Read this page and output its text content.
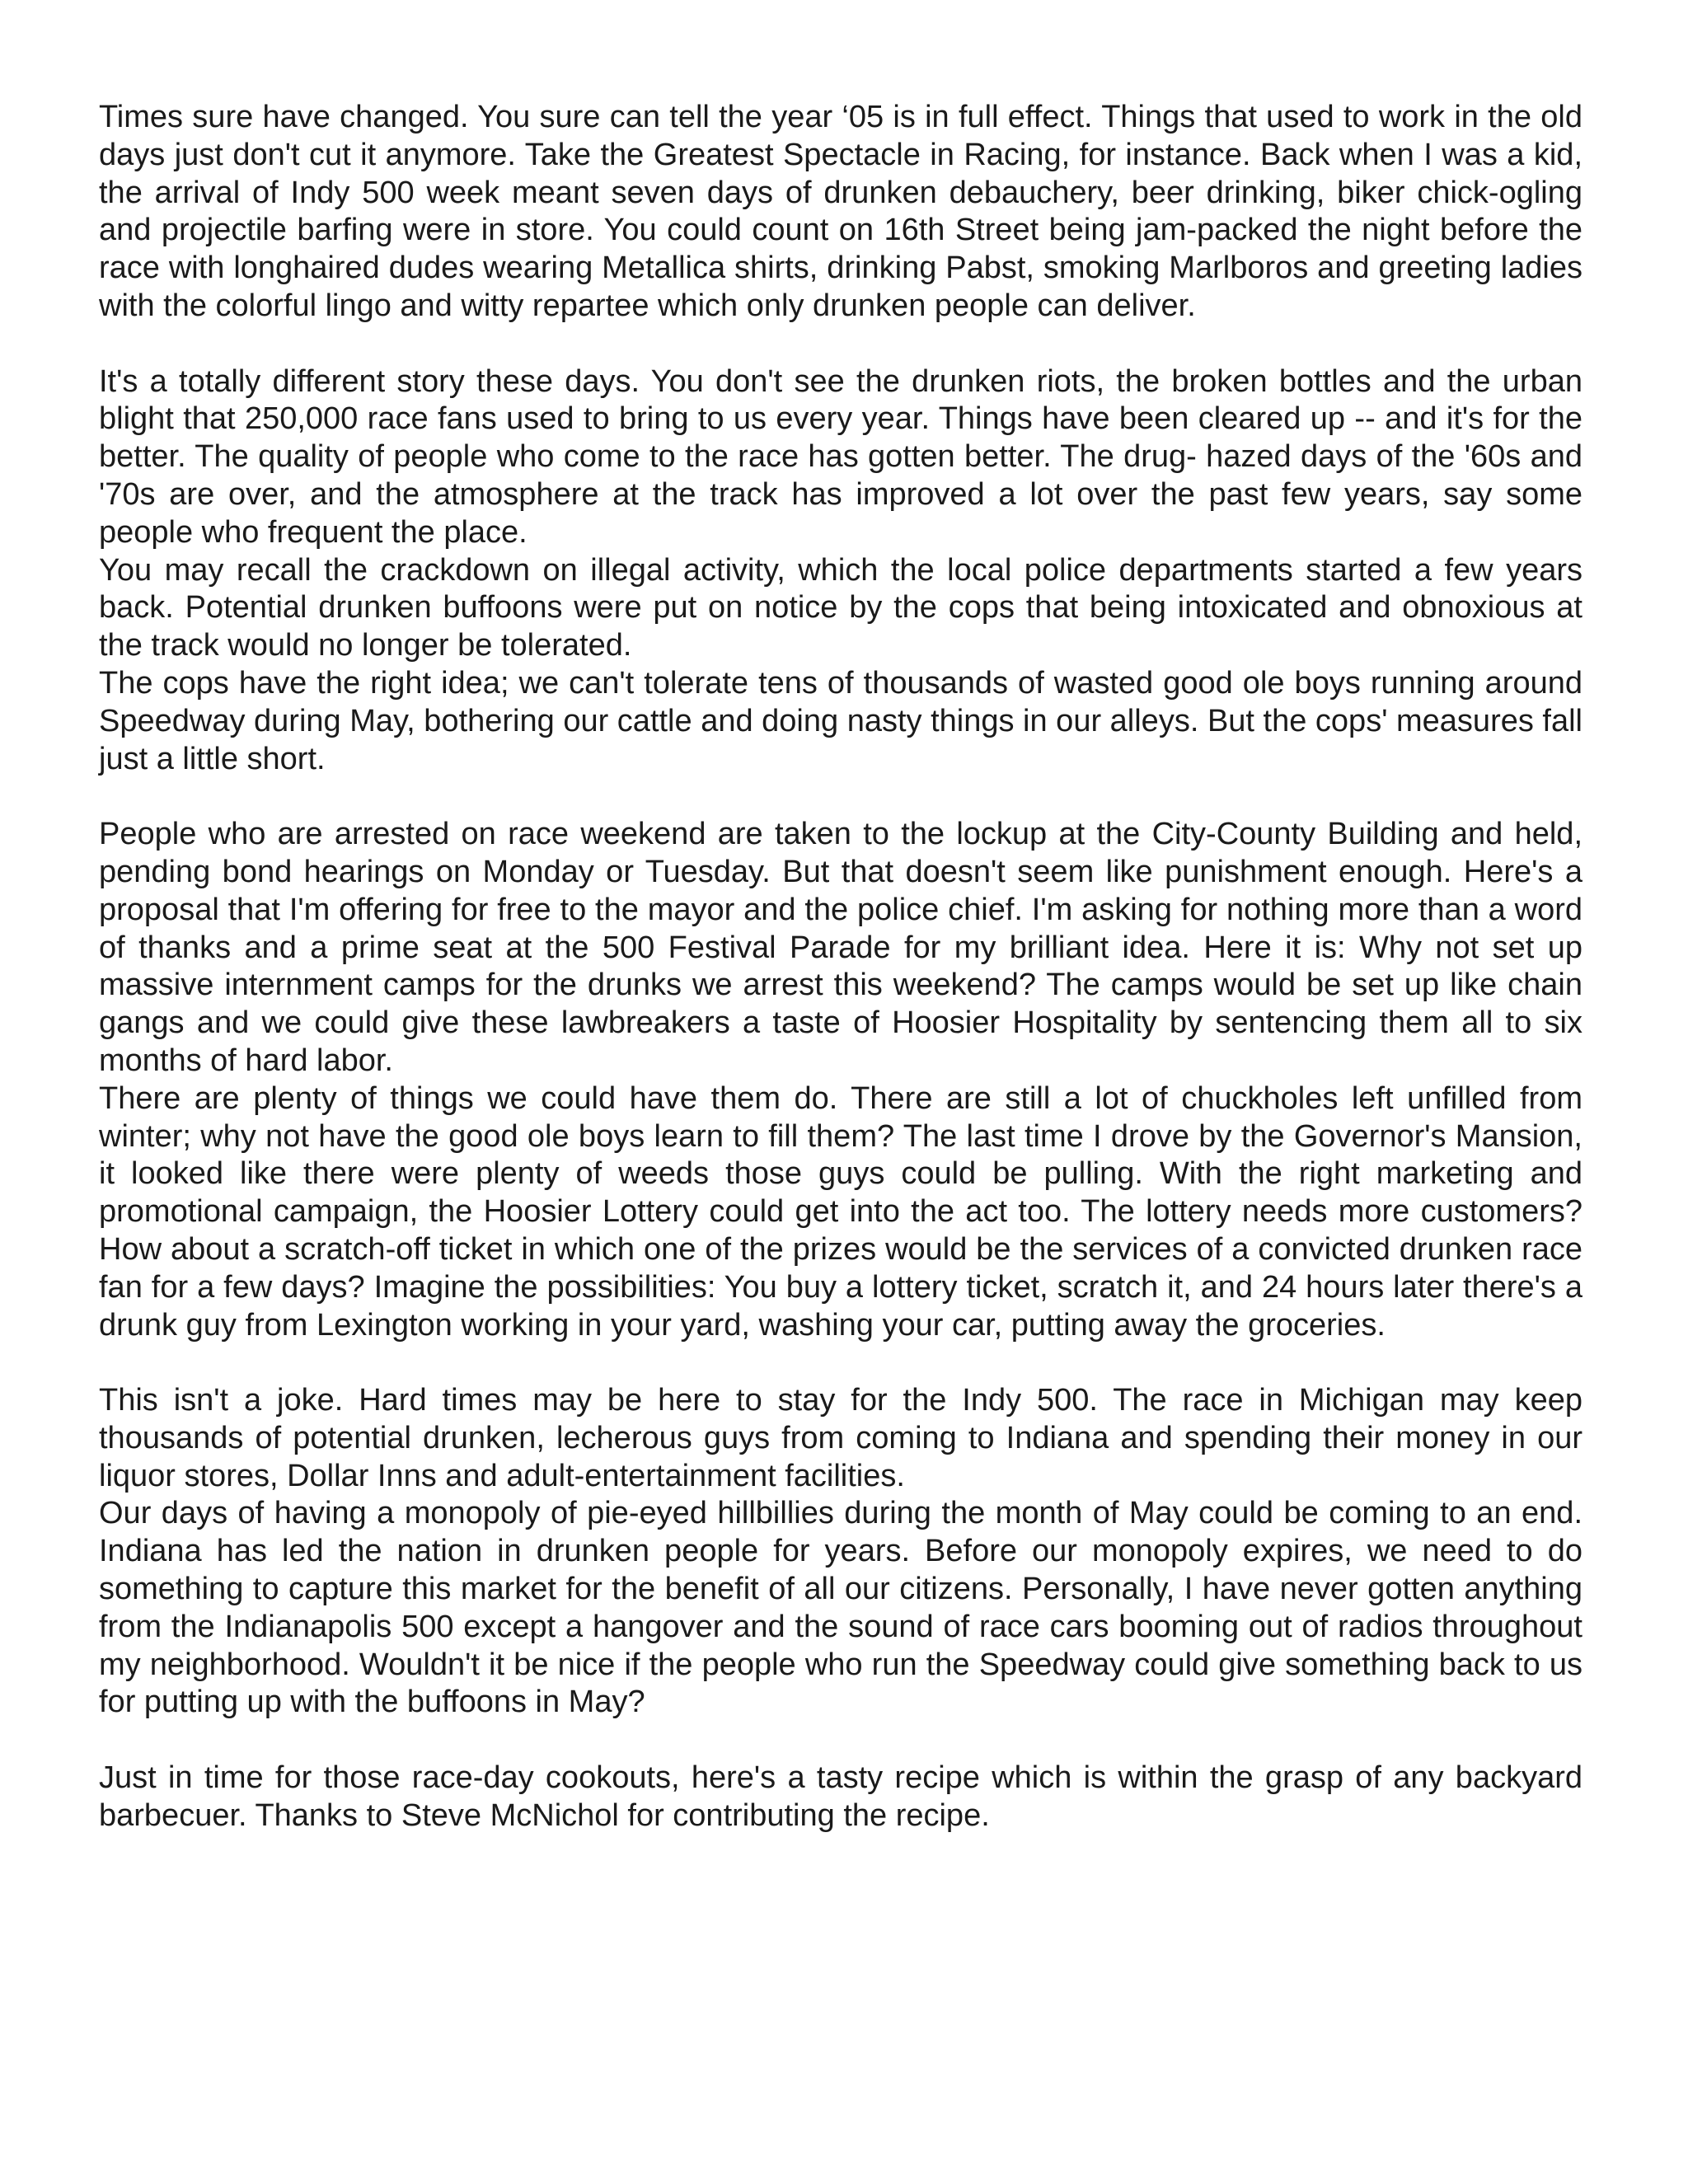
Times sure have changed. You sure can tell the year ‘05 is in full effect. Things that used to work in the old days just don't cut it anymore. Take the Greatest Spectacle in Racing, for instance. Back when I was a kid, the arrival of Indy 500 week meant seven days of drunken debauchery, beer drinking, biker chick-ogling and projectile barfing were in store. You could count on 16th Street being jam-packed the night before the race with longhaired dudes wearing Metallica shirts, drinking Pabst, smoking Marlboros and greeting ladies with the colorful lingo and witty repartee which only drunken people can deliver.

It's a totally different story these days. You don't see the drunken riots, the broken bottles and the urban blight that 250,000 race fans used to bring to us every year. Things have been cleared up -- and it's for the better. The quality of people who come to the race has gotten better. The drug- hazed days of the '60s and '70s are over, and the atmosphere at the track has improved a lot over the past few years, say some people who frequent the place.

You may recall the crackdown on illegal activity, which the local police departments started a few years back. Potential drunken buffoons were put on notice by the cops that being intoxicated and obnoxious at the track would no longer be tolerated.

The cops have the right idea; we can't tolerate tens of thousands of wasted good ole boys running around Speedway during May, bothering our cattle and doing nasty things in our alleys. But the cops' measures fall just a little short.

People who are arrested on race weekend are taken to the lockup at the City-County Building and held, pending bond hearings on Monday or Tuesday. But that doesn't seem like punishment enough. Here's a proposal that I'm offering for free to the mayor and the police chief. I'm asking for nothing more than a word of thanks and a prime seat at the 500 Festival Parade for my brilliant idea. Here it is: Why not set up massive internment camps for the drunks we arrest this weekend? The camps would be set up like chain gangs and we could give these lawbreakers a taste of Hoosier Hospitality by sentencing them all to six months of hard labor.

There are plenty of things we could have them do. There are still a lot of chuckholes left unfilled from winter; why not have the good ole boys learn to fill them? The last time I drove by the Governor's Mansion, it looked like there were plenty of weeds those guys could be pulling. With the right marketing and promotional campaign, the Hoosier Lottery could get into the act too. The lottery needs more customers? How about a scratch-off ticket in which one of the prizes would be the services of a convicted drunken race fan for a few days? Imagine the possibilities: You buy a lottery ticket, scratch it, and 24 hours later there's a drunk guy from Lexington working in your yard, washing your car, putting away the groceries.

This isn't a joke. Hard times may be here to stay for the Indy 500. The race in Michigan may keep thousands of potential drunken, lecherous guys from coming to Indiana and spending their money in our liquor stores, Dollar Inns and adult-entertainment facilities.

Our days of having a monopoly of pie-eyed hillbillies during the month of May could be coming to an end. Indiana has led the nation in drunken people for years. Before our monopoly expires, we need to do something to capture this market for the benefit of all our citizens. Personally, I have never gotten anything from the Indianapolis 500 except a hangover and the sound of race cars booming out of radios throughout my neighborhood. Wouldn't it be nice if the people who run the Speedway could give something back to us for putting up with the buffoons in May?

Just in time for those race-day cookouts, here's a tasty recipe which is within the grasp of any backyard barbecuer. Thanks to Steve McNichol for contributing the recipe.
